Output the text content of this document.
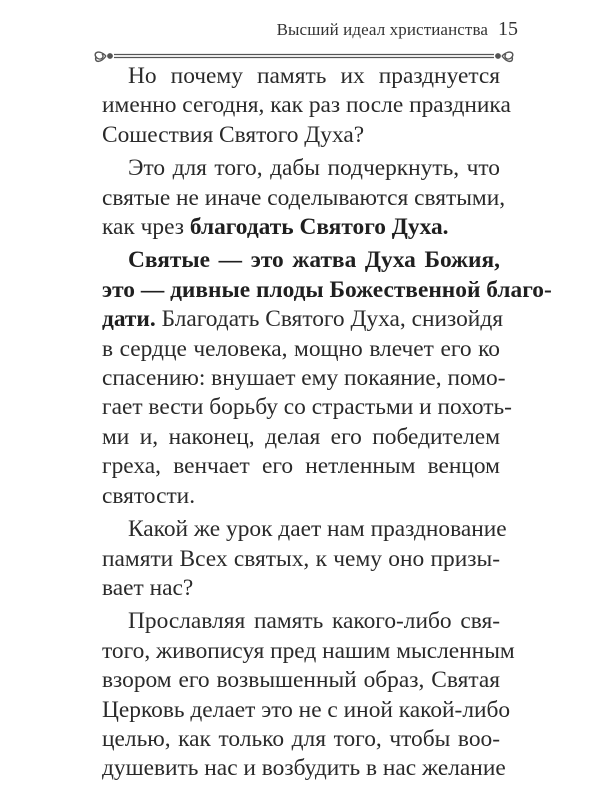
Высший идеал христианства 15
Но почему память их празднуется
именно сегодня, как раз после праздника
Сошествия Святого Духа?
Это для того, дабы подчеркнуть, что
святые не иначе соделываются святыми,
как чрез благодать Святого Духа.
Святые — это жатва Духа Божия,
это — дивные плоды Божественной благо-
дати. Благодать Святого Духа, снизойдя
в сердце человека, мощно влечет его ко
спасению: внушает ему покаяние, помо-
гает вести борьбу со страстьми и похоть-
ми и, наконец, делая его победителем
греха, венчает его нетленным венцом
святости.
Какой же урок дает нам празднование
памяти Всех святых, к чему оно призы-
вает нас?
Прославляя память какого-либо свя-
того, живописуя пред нашим мысленным
взором его возвышенный образ, Святая
Церковь делает это не с иной какой-либо
целью, как только для того, чтобы воо-
душевить нас и возбудить в нас желание
